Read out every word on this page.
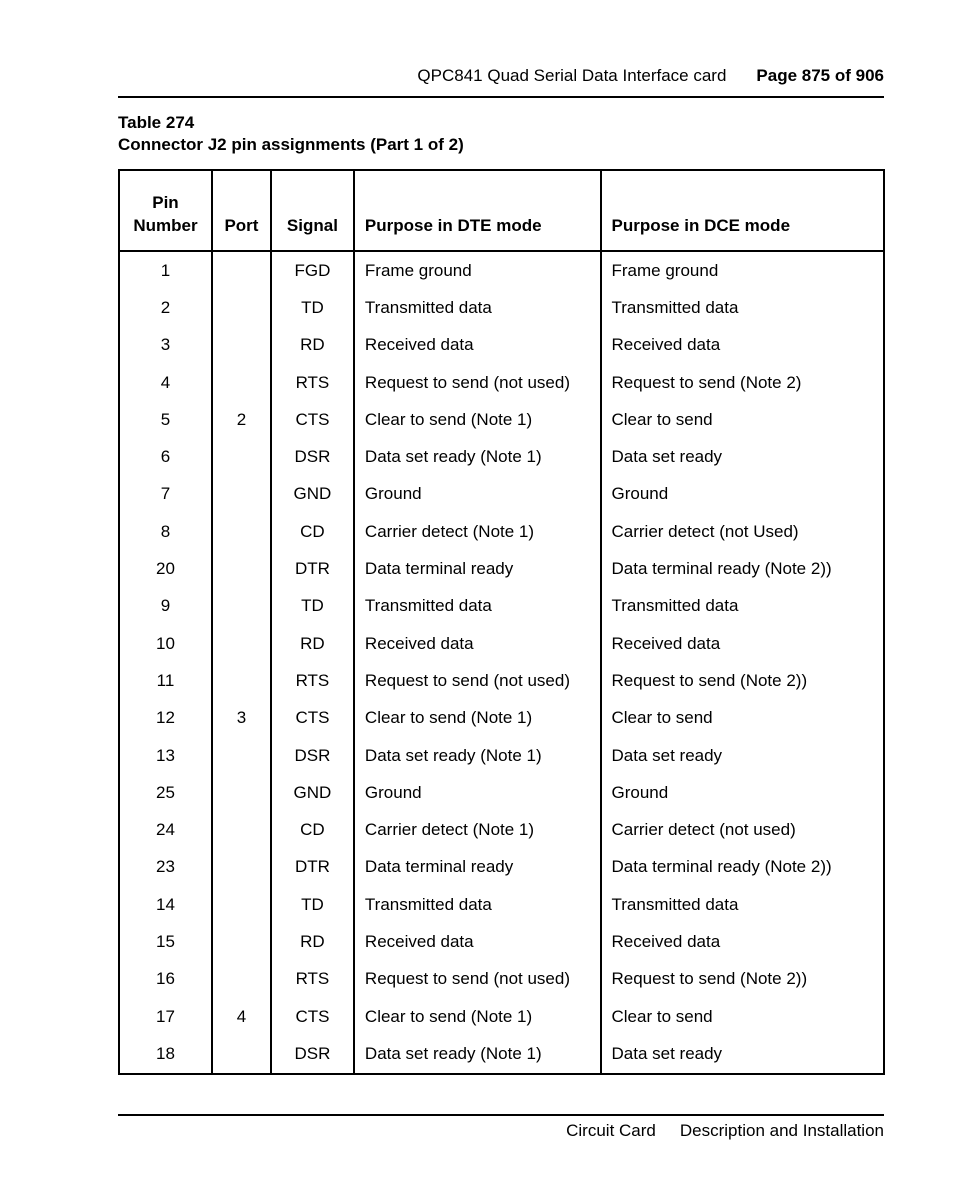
QPC841 Quad Serial Data Interface card Page 875 of 906
Table 274
Connector J2 pin assignments (Part 1 of 2)
Pin
Number	Port	Signal	Purpose in DTE mode	Purpose in DCE mode
1		FGD	Frame ground	Frame ground
2		TD	Transmitted data	Transmitted data
3		RD	Received data	Received data
4		RTS	Request to send (not used)	Request to send (Note 2)
5	2	CTS	Clear to send (Note 1)	Clear to send
6		DSR	Data set ready (Note 1)	Data set ready
7		GND	Ground	Ground
8		CD	Carrier detect (Note 1)	Carrier detect (not Used)
20		DTR	Data terminal ready	Data terminal ready (Note 2))
9		TD	Transmitted data	Transmitted data
10		RD	Received data	Received data
11		RTS	Request to send (not used)	Request to send (Note 2))
12	3	CTS	Clear to send (Note 1)	Clear to send
13		DSR	Data set ready (Note 1)	Data set ready
25		GND	Ground	Ground
24		CD	Carrier detect (Note 1)	Carrier detect (not used)
23		DTR	Data terminal ready	Data terminal ready (Note 2))
14		TD	Transmitted data	Transmitted data
15		RD	Received data	Received data
16		RTS	Request to send (not used)	Request to send (Note 2))
17	4	CTS	Clear to send (Note 1)	Clear to send
18		DSR	Data set ready (Note 1)	Data set ready
Circuit Card Description and Installation
